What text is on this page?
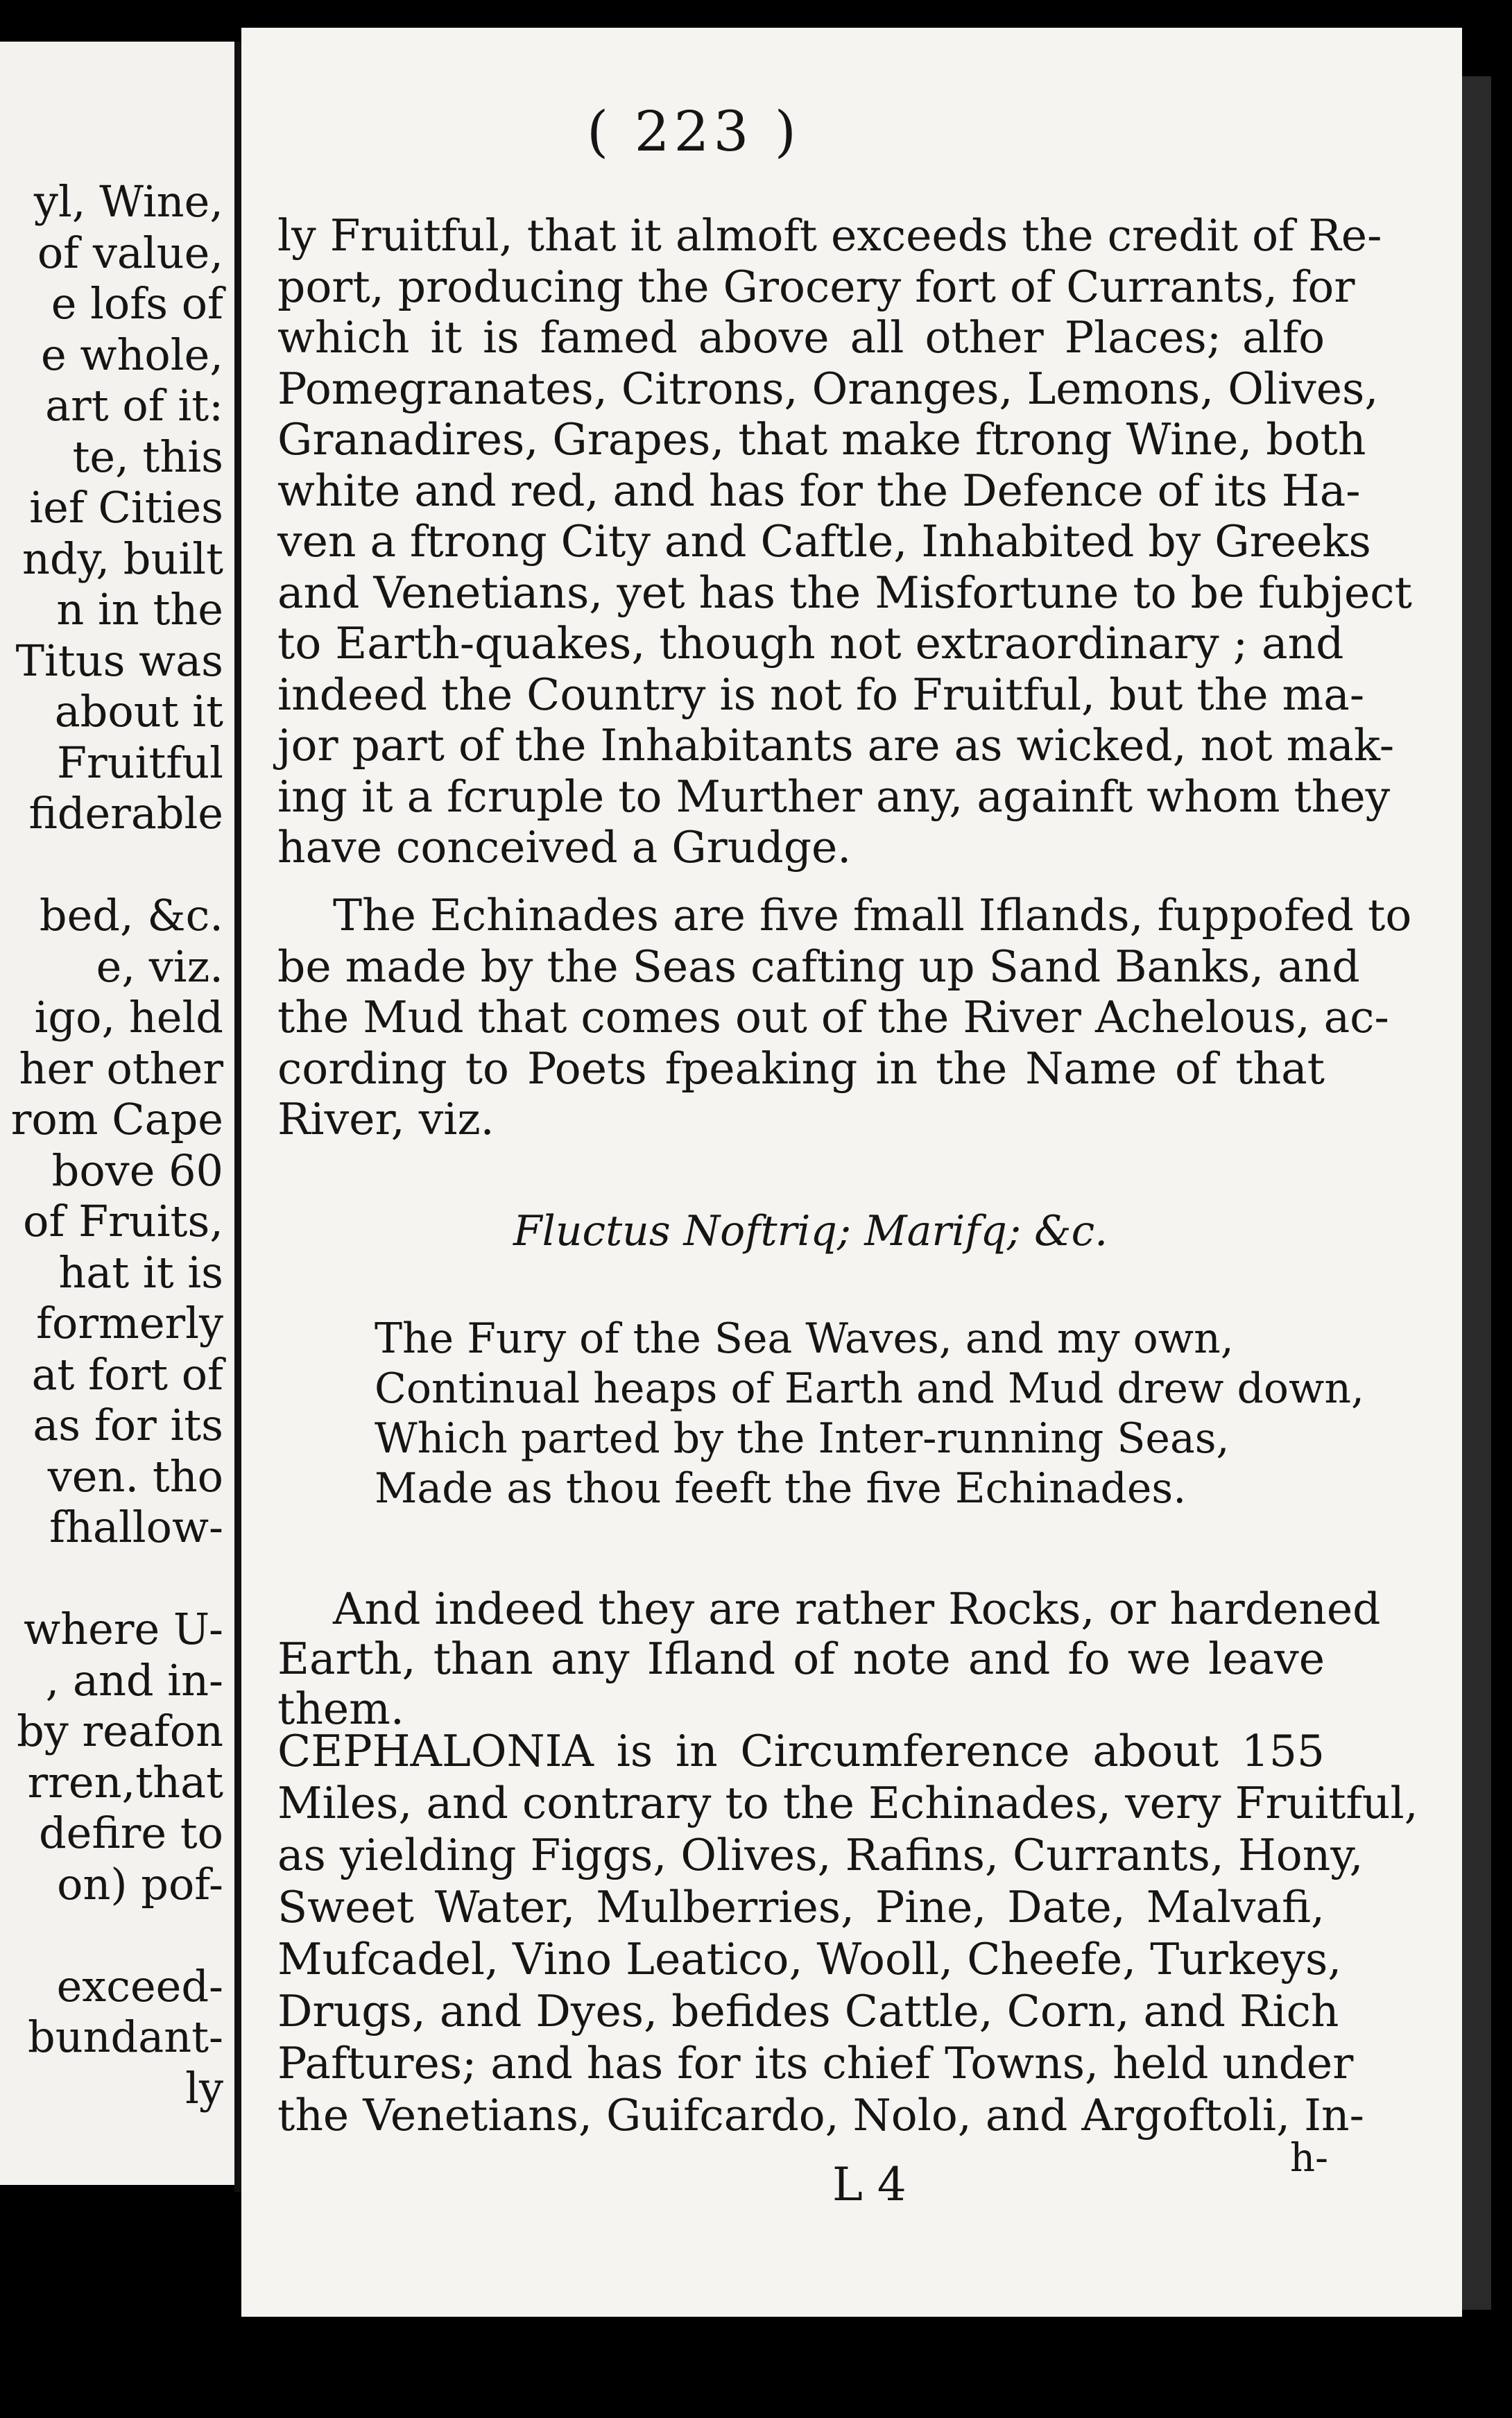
yl, Wine,
of value,
e lofs of
e whole,
art of it:
te, this
ief Cities
ndy, built
n in the
Titus was
about it
Fruitful
fiderable
bed, &c.
e, viz.
igo, held
her other
rom Cape
bove 60
of Fruits,
hat it is
formerly
at fort of
as for its
ven. tho
fhallow-
where U-
, and in-
by reafon
rren,that
defire to
on) pof-
exceed-
bundant-
ly
( 223 )
ly Fruitful, that it almoft exceeds the credit of Re-
port, producing the Grocery fort of Currants, for
which it is famed above all other Places; alfo
Pomegranates, Citrons, Oranges, Lemons, Olives,
Granadires, Grapes, that make ftrong Wine, both
white and red, and has for the Defence of its Ha-
ven a ftrong City and Caftle, Inhabited by Greeks
and Venetians, yet has the Misfortune to be fubject
to Earth-quakes, though not extraordinary ; and
indeed the Country is not fo Fruitful, but the ma-
jor part of the Inhabitants are as wicked, not mak-
ing it a fcruple to Murther any, againft whom they
have conceived a Grudge.
The Echinades are five fmall Iflands, fuppofed to
be made by the Seas cafting up Sand Banks, and
the Mud that comes out of the River Achelous, ac-
cording to Poets fpeaking in the Name of that
River, viz.
Fluctus Noftriq; Marifq; &c.
The Fury of the Sea Waves, and my own,
Continual heaps of Earth and Mud drew down,
Which parted by the Inter-running Seas,
Made as thou feeft the five Echinades.
And indeed they are rather Rocks, or hardened
Earth, than any Ifland of note and fo we leave
them.
CEPHALONIA is in Circumference about 155
Miles, and contrary to the Echinades, very Fruitful,
as yielding Figgs, Olives, Rafins, Currants, Hony,
Sweet Water, Mulberries, Pine, Date, Malvafi,
Mufcadel, Vino Leatico, Wooll, Cheefe, Turkeys,
Drugs, and Dyes, befides Cattle, Corn, and Rich
Paftures; and has for its chief Towns, held under
the Venetians, Guifcardo, Nolo, and Argoftoli, In-
L 4	h-
